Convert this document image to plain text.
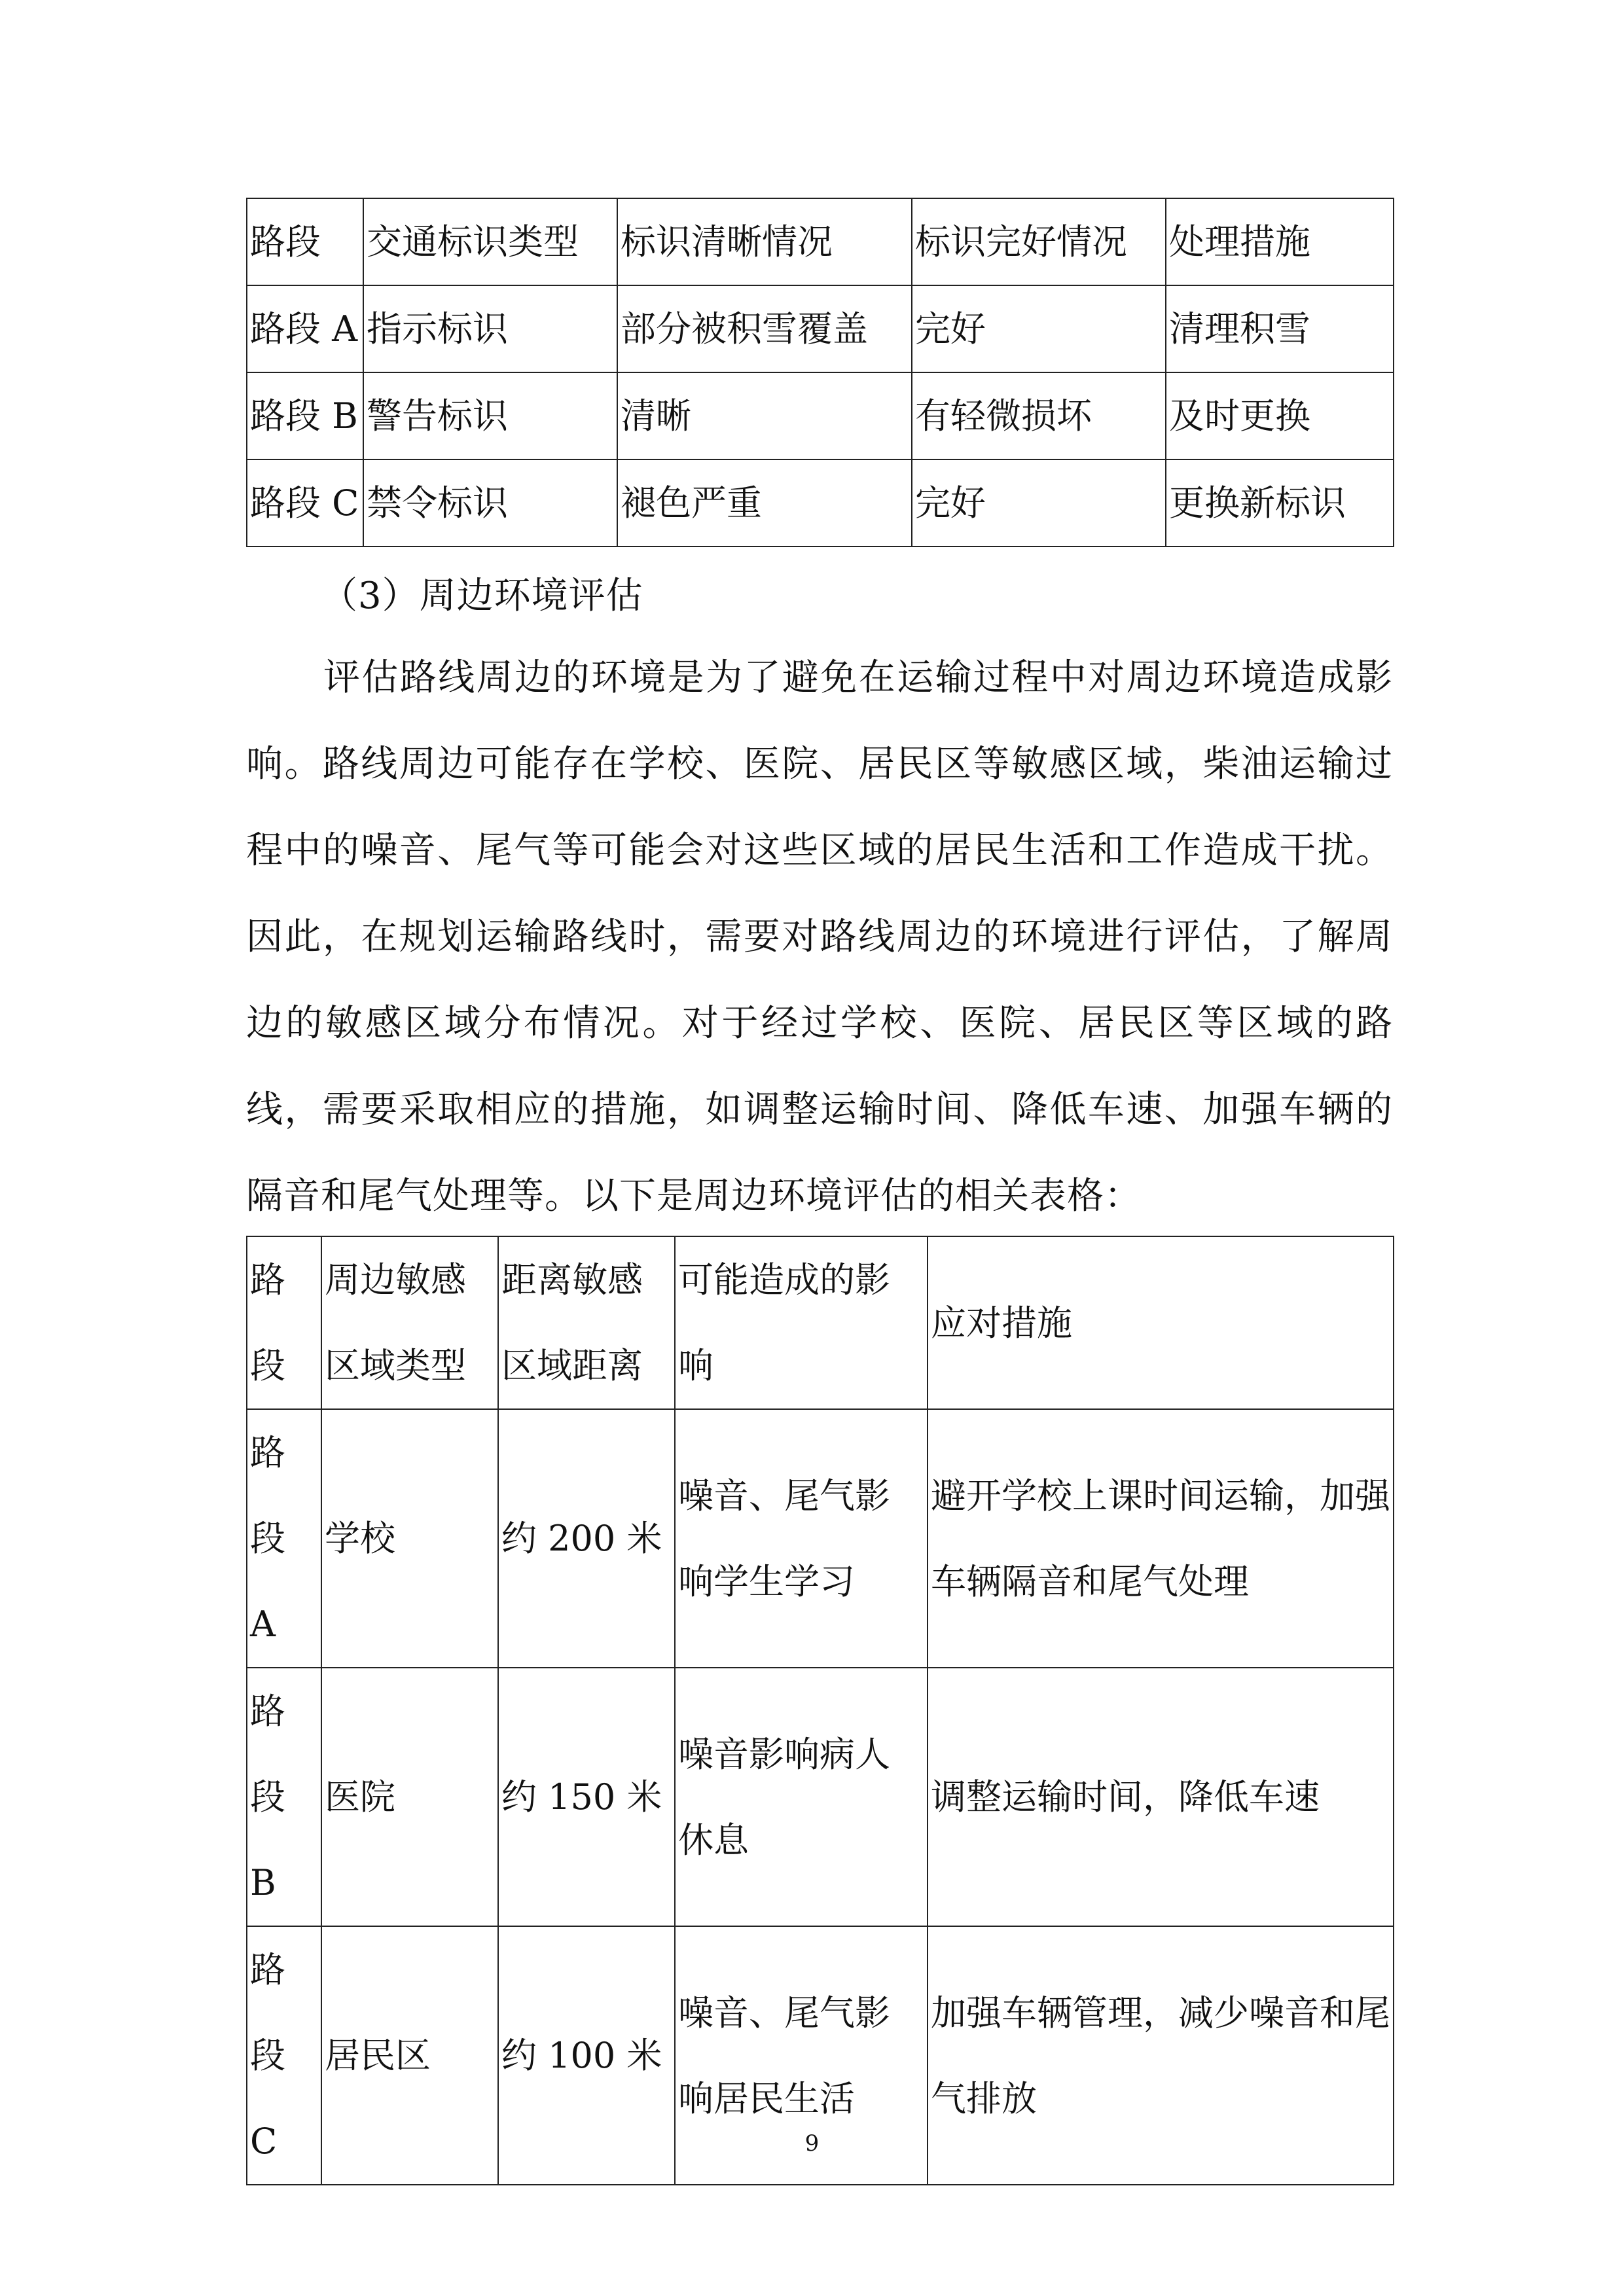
路段	交通标识类型	标识清晰情况	标识完好情况	处理措施
路段 A	指示标识	部分被积雪覆盖	完好	清理积雪
路段 B	警告标识	清晰	有轻微损坏	及时更换
路段 C	禁令标识	褪色严重	完好	更换新标识

（3）周边环境评估

评估路线周边的环境是为了避免在运输过程中对周边环境造成影响。路线周边可能存在学校、医院、居民区等敏感区域，柴油运输过程中的噪音、尾气等可能会对这些区域的居民生活和工作造成干扰。因此，在规划运输路线时，需要对路线周边的环境进行评估，了解周边的敏感区域分布情况。对于经过学校、医院、居民区等区域的路线，需要采取相应的措施，如调整运输时间、降低车速、加强车辆的隔音和尾气处理等。以下是周边环境评估的相关表格：

路段	周边敏感区域类型	距离敏感区域距离	可能造成的影响	应对措施
路段 A	学校	约 200 米	噪音、尾气影响学生学习	避开学校上课时间运输，加强车辆隔音和尾气处理
路段 B	医院	约 150 米	噪音影响病人休息	调整运输时间，降低车速
路段 C	居民区	约 100 米	噪音、尾气影响居民生活	加强车辆管理，减少噪音和尾气排放
9
